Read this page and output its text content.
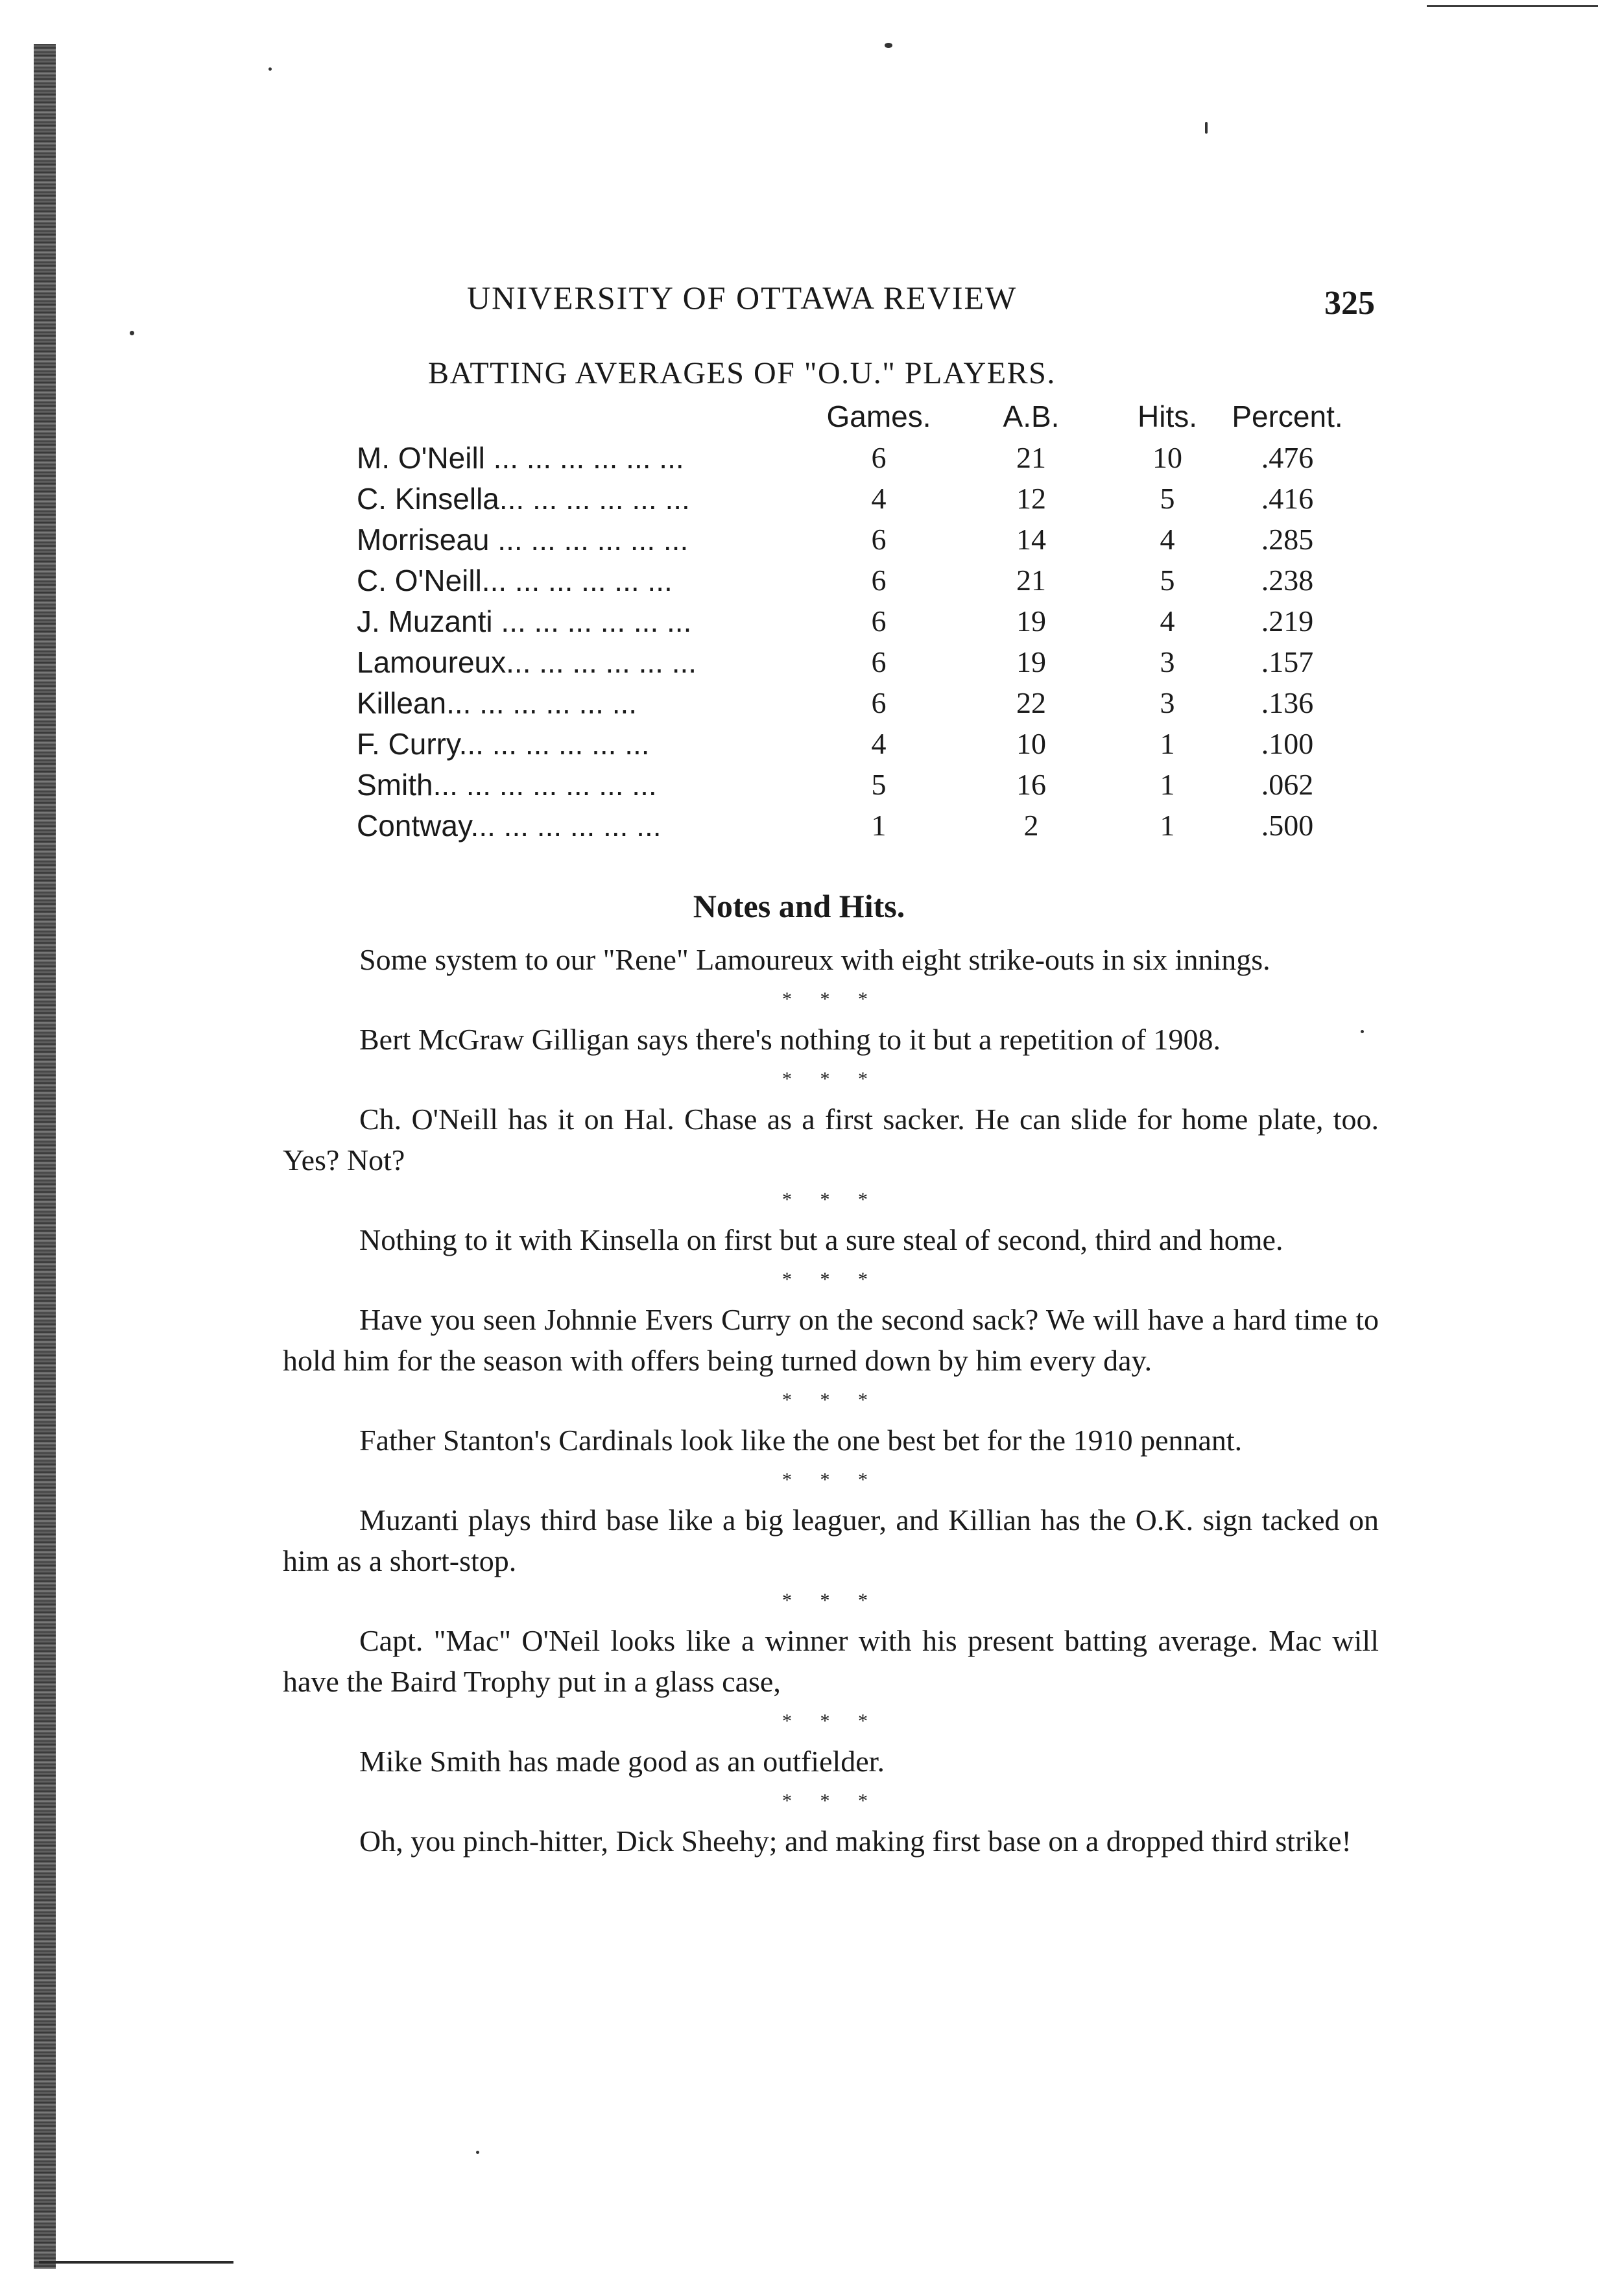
UNIVERSITY OF OTTAWA REVIEW	325
BATTING AVERAGES OF "O.U." PLAYERS.
	Games.	A.B.	Hits.	Percent.
M. O'Neill ... ... ... ... ... ...	6	21	10	.476
C. Kinsella... ... ... ... ... ...	4	12	5	.416
Morriseau ... ... ... ... ... ...	6	14	4	.285
C. O'Neill... ... ... ... ... ...	6	21	5	.238
J. Muzanti ... ... ... ... ... ...	6	19	4	.219
Lamoureux... ... ... ... ... ...	6	19	3	.157
Killean... ... ... ... ... ...	6	22	3	.136
F. Curry... ... ... ... ... ...	4	10	1	.100
Smith... ... ... ... ... ... ...	5	16	1	.062
Contway... ... ... ... ... ...	1	2	1	.500
Notes and Hits.

Some system to our "Rene" Lamoureux with eight strike-outs in six innings.

* * *

Bert McGraw Gilligan says there's nothing to it but a repetition of 1908.

* * *

Ch. O'Neill has it on Hal. Chase as a first sacker. He can slide for home plate, too. Yes? Not?

* * *

Nothing to it with Kinsella on first but a sure steal of second, third and home.

* * *

Have you seen Johnnie Evers Curry on the second sack? We will have a hard time to hold him for the season with offers being turned down by him every day.

* * *

Father Stanton's Cardinals look like the one best bet for the 1910 pennant.

* * *

Muzanti plays third base like a big leaguer, and Killian has the O.K. sign tacked on him as a short-stop.

* * *

Capt. "Mac" O'Neil looks like a winner with his present batting average. Mac will have the Baird Trophy put in a glass case,

* * *

Mike Smith has made good as an outfielder.

* * *

Oh, you pinch-hitter, Dick Sheehy; and making first base on a dropped third strike!
